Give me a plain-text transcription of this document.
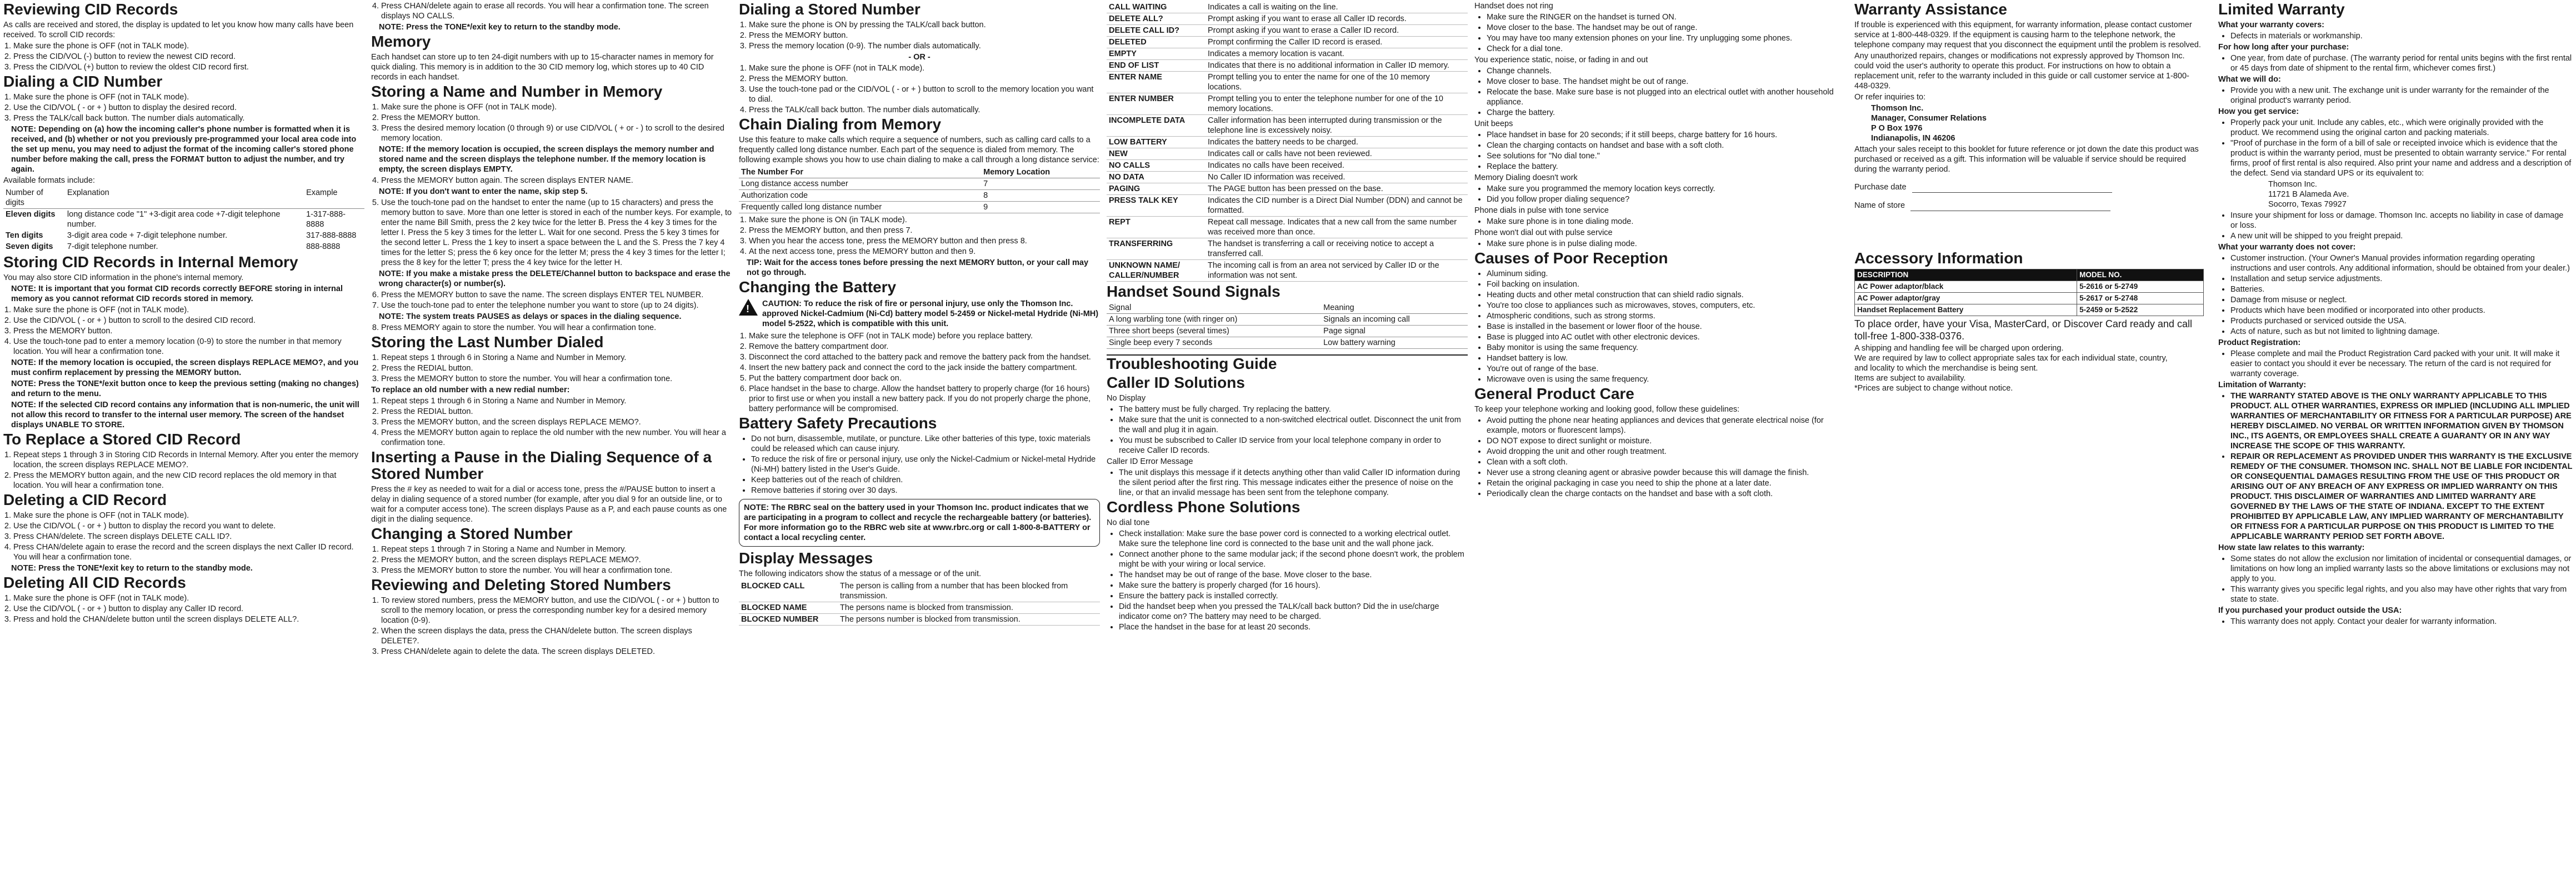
Reviewing CID Records

As calls are received and stored, the display is updated to let you know how many calls have been received. To scroll CID records:

1. Make sure the phone is OFF (not in TALK mode).
2. Press the CID/VOL (-) button to review the newest CID record.
3. Press the CID/VOL (+) button to review the oldest CID record first.
Dialing a CID Number
1. Make sure the phone is OFF (not in TALK mode).
2. Use the CID/VOL ( - or + ) button to display the desired record.
3. Press the TALK/call back button. The number dials automatically.

NOTE: Depending on (a) how the incoming caller's phone number is formatted when it is received, and (b) whether or not you previously pre-programmed your local area code into the set up menu, you may need to adjust the format of the incoming caller's stored phone number before making the call, press the FORMAT button to adjust the number, and try again.

Available formats include:

Number of digits	Explanation	Example
Eleven digits	long distance code "1" +3-digit area code +7-digit telephone number.	1-317-888-8888
Ten digits	3-digit area code + 7-digit telephone number.	317-888-8888
Seven digits	7-digit telephone number.	888-8888
Storing CID Records in Internal Memory

You may also store CID information in the phone's internal memory.

NOTE: It is important that you format CID records correctly BEFORE storing in internal memory as you cannot reformat CID records stored in memory.

1. Make sure the phone is OFF (not in TALK mode).
2. Use the CID/VOL ( - or + ) button to scroll to the desired CID record.
3. Press the MEMORY button.
4. Use the touch-tone pad to enter a memory location (0-9) to store the number in that memory location. You will hear a confirmation tone.

NOTE: If the memory location is occupied, the screen displays REPLACE MEMO?, and you must confirm replacement by pressing the MEMORY button.

NOTE: Press the TONE*/exit button once to keep the previous setting (making no changes) and return to the menu.

NOTE: If the selected CID record contains any information that is non-numeric, the unit will not allow this record to transfer to the internal user memory. The screen of the handset displays UNABLE TO STORE.

To Replace a Stored CID Record
1. Repeat steps 1 through 3 in Storing CID Records in Internal Memory. After you enter the memory location, the screen displays REPLACE MEMO?.
2. Press the MEMORY button again, and the new CID record replaces the old memory in that location. You will hear a confirmation tone.
Deleting a CID Record
1. Make sure the phone is OFF (not in TALK mode).
2. Use the CID/VOL ( - or + ) button to display the record you want to delete.
3. Press CHAN/delete. The screen displays DELETE CALL ID?.
4. Press CHAN/delete again to erase the record and the screen displays the next Caller ID record. You will hear a confirmation tone.

NOTE: Press the TONE*/exit key to return to the standby mode.

Deleting All CID Records
1. Make sure the phone is OFF (not in TALK mode).
2. Use the CID/VOL ( - or + ) button to display any Caller ID record.
3. Press and hold the CHAN/delete button until the screen displays DELETE ALL?.
4. Press CHAN/delete again to erase all records. You will hear a confirmation tone. The screen displays NO CALLS.

NOTE: Press the TONE*/exit key to return to the standby mode.

Memory

Each handset can store up to ten 24-digit numbers with up to 15-character names in memory for quick dialing. This memory is in addition to the 30 CID memory log, which stores up to 40 CID records in each handset.

Storing a Name and Number in Memory
1. Make sure the phone is OFF (not in TALK mode).
2. Press the MEMORY button.
3. Press the desired memory location (0 through 9) or use CID/VOL ( + or - ) to scroll to the desired memory location.

NOTE: If the memory location is occupied, the screen displays the memory number and stored name and the screen displays the telephone number. If the memory location is empty, the screen displays EMPTY.

4. Press the MEMORY button again. The screen displays ENTER NAME.

NOTE: If you don't want to enter the name, skip step 5.

5. Use the touch-tone pad on the handset to enter the name (up to 15 characters) and press the memory button to save. More than one letter is stored in each of the number keys. For example, to enter the name Bill Smith, press the 2 key twice for the letter B. Press the 4 key 3 times for the letter I. Press the 5 key 3 times for the letter L. Wait for one second. Press the 5 key 3 times for the second letter L. Press the 1 key to insert a space between the L and the S. Press the 7 key 4 times for the letter S; press the 6 key once for the letter M; press the 4 key 3 times for the letter I; press the 8 key for the letter T; press the 4 key twice for the letter H.

NOTE: If you make a mistake press the DELETE/Channel button to backspace and erase the wrong character(s) or number(s).

6. Press the MEMORY button to save the name. The screen displays ENTER TEL NUMBER.
7. Use the touch-tone pad to enter the telephone number you want to store (up to 24 digits).

NOTE: The system treats PAUSES as delays or spaces in the dialing sequence.

8. Press MEMORY again to store the number. You will hear a confirmation tone.
Storing the Last Number Dialed
1. Repeat steps 1 through 6 in Storing a Name and Number in Memory.
2. Press the REDIAL button.
3. Press the MEMORY button to store the number. You will hear a confirmation tone.

To replace an old number with a new redial number:

1. Repeat steps 1 through 6 in Storing a Name and Number in Memory.
2. Press the REDIAL button.
3. Press the MEMORY button, and the screen displays REPLACE MEMO?.
4. Press the MEMORY button again to replace the old number with the new number. You will hear a confirmation tone.
Inserting a Pause in the Dialing Sequence of a Stored Number

Press the # key as needed to wait for a dial or access tone, press the #/PAUSE button to insert a delay in dialing sequence of a stored number (for example, after you dial 9 for an outside line, or to wait for a computer access tone). The screen displays Pause as a P, and each pause counts as one digit in the dialing sequence.

Changing a Stored Number
1. Repeat steps 1 through 7 in Storing a Name and Number in Memory.
2. Press the MEMORY button, and the screen displays REPLACE MEMO?.
3. Press the MEMORY button to store the number. You will hear a confirmation tone.
Reviewing and Deleting Stored Numbers
1. To review stored numbers, press the MEMORY button, and use the CID/VOL ( - or + ) button to scroll to the memory location, or press the corresponding number key for a desired memory location (0-9).
2. When the screen displays the data, press the CHAN/delete button. The screen displays DELETE?.
3. Press CHAN/delete again to delete the data. The screen displays DELETED.
Dialing a Stored Number
1. Make sure the phone is ON by pressing the TALK/call back button.
2. Press the MEMORY button.
3. Press the memory location (0-9). The number dials automatically.

- OR -

1. Make sure the phone is OFF (not in TALK mode).
2. Press the MEMORY button.
3. Use the touch-tone pad or the CID/VOL ( - or + ) button to scroll to the memory location you want to dial.
4. Press the TALK/call back button. The number dials automatically.
Chain Dialing from Memory

Use this feature to make calls which require a sequence of numbers, such as calling card calls to a frequently called long distance number. Each part of the sequence is dialed from memory. The following example shows you how to use chain dialing to make a call through a long distance service:

The Number For	Memory Location
Long distance access number	7
Authorization code	8
Frequently called long distance number	9
1. Make sure the phone is ON (in TALK mode).
2. Press the MEMORY button, and then press 7.
3. When you hear the access tone, press the MEMORY button and then press 8.
4. At the next access tone, press the MEMORY button and then 9.

TIP: Wait for the access tones before pressing the next MEMORY button, or your call may not go through.

Changing the Battery
! CAUTION: To reduce the risk of fire or personal injury, use only the Thomson Inc. approved Nickel-Cadmium (Ni-Cd) battery model 5-2459 or Nickel-metal Hydride (Ni-MH) model 5-2522, which is compatible with this unit.

1. Make sure the telephone is OFF (not in TALK mode) before you replace battery.
2. Remove the battery compartment door.
3. Disconnect the cord attached to the battery pack and remove the battery pack from the handset.
4. Insert the new battery pack and connect the cord to the jack inside the battery compartment.
5. Put the battery compartment door back on.
6. Place handset in the base to charge. Allow the handset battery to properly charge (for 16 hours) prior to first use or when you install a new battery pack. If you do not properly charge the phone, battery performance will be compromised.
Battery Safety Precautions
• Do not burn, disassemble, mutilate, or puncture. Like other batteries of this type, toxic materials could be released which can cause injury.
• To reduce the risk of fire or personal injury, use only the Nickel-Cadmium or Nickel-metal Hydride (Ni-MH) battery listed in the User's Guide.
• Keep batteries out of the reach of children.
• Remove batteries if storing over 30 days.
NOTE: The RBRC seal on the battery used in your Thomson Inc. product indicates that we are participating in a program to collect and recycle the rechargeable battery (or batteries). For more information go to the RBRC web site at www.rbrc.org or call 1-800-8-BATTERY or contact a local recycling center.
Display Messages

The following indicators show the status of a message or of the unit.

BLOCKED CALL	The person is calling from a number that has been blocked from transmission.
BLOCKED NAME	The persons name is blocked from transmission.
BLOCKED NUMBER	The persons number is blocked from transmission.
CALL WAITING	Indicates a call is waiting on the line.
DELETE ALL?	Prompt asking if you want to erase all Caller ID records.
DELETE CALL ID?	Prompt asking if you want to erase a Caller ID record.
DELETED	Prompt confirming the Caller ID record is erased.
EMPTY	Indicates a memory location is vacant.
END OF LIST	Indicates that there is no additional information in Caller ID memory.
ENTER NAME	Prompt telling you to enter the name for one of the 10 memory locations.
ENTER NUMBER	Prompt telling you to enter the telephone number for one of the 10 memory locations.
INCOMPLETE DATA	Caller information has been interrupted during transmission or the telephone line is excessively noisy.
LOW BATTERY	Indicates the battery needs to be charged.
NEW	Indicates call or calls have not been reviewed.
NO CALLS	Indicates no calls have been received.
NO DATA	No Caller ID information was received.
PAGING	The PAGE button has been pressed on the base.
PRESS TALK KEY	Indicates the CID number is a Direct Dial Number (DDN) and cannot be formatted.
REPT	Repeat call message. Indicates that a new call from the same number was received more than once.
TRANSFERRING	The handset is transferring a call or receiving notice to accept a transferred call.
UNKNOWN NAME/ CALLER/NUMBER	The incoming call is from an area not serviced by Caller ID or the information was not sent.
Handset Sound Signals
Signal	Meaning
A long warbling tone (with ringer on)	Signals an incoming call
Three short beeps (several times)	Page signal
Single beep every 7 seconds	Low battery warning
Troubleshooting Guide
Caller ID Solutions

No Display

• The battery must be fully charged. Try replacing the battery.
• Make sure that the unit is connected to a non-switched electrical outlet. Disconnect the unit from the wall and plug it in again.
• You must be subscribed to Caller ID service from your local telephone company in order to receive Caller ID records.

Caller ID Error Message

• The unit displays this message if it detects anything other than valid Caller ID information during the silent period after the first ring. This message indicates either the presence of noise on the line, or that an invalid message has been sent from the telephone company.
Cordless Phone Solutions

No dial tone

• Check installation: Make sure the base power cord is connected to a working electrical outlet. Make sure the telephone line cord is connected to the base unit and the wall phone jack.
• Connect another phone to the same modular jack; if the second phone doesn't work, the problem might be with your wiring or local service.
• The handset may be out of range of the base. Move closer to the base.
• Make sure the battery is properly charged (for 16 hours).
• Ensure the battery pack is installed correctly.
• Did the handset beep when you pressed the TALK/call back button? Did the in use/charge indicator come on? The battery may need to be charged.
• Place the handset in the base for at least 20 seconds.

Handset does not ring

• Make sure the RINGER on the handset is turned ON.
• Move closer to the base. The handset may be out of range.
• You may have too many extension phones on your line. Try unplugging some phones.
• Check for a dial tone.

You experience static, noise, or fading in and out

• Change channels.
• Move closer to base. The handset might be out of range.
• Relocate the base. Make sure base is not plugged into an electrical outlet with another household appliance.
• Charge the battery.

Unit beeps

• Place handset in base for 20 seconds; if it still beeps, charge battery for 16 hours.
• Clean the charging contacts on handset and base with a soft cloth.
• See solutions for "No dial tone."
• Replace the battery.

Memory Dialing doesn't work

• Make sure you programmed the memory location keys correctly.
• Did you follow proper dialing sequence?

Phone dials in pulse with tone service

• Make sure phone is in tone dialing mode.

Phone won't dial out with pulse service

• Make sure phone is in pulse dialing mode.
Causes of Poor Reception
• Aluminum siding.
• Foil backing on insulation.
• Heating ducts and other metal construction that can shield radio signals.
• You're too close to appliances such as microwaves, stoves, computers, etc.
• Atmospheric conditions, such as strong storms.
• Base is installed in the basement or lower floor of the house.
• Base is plugged into AC outlet with other electronic devices.
• Baby monitor is using the same frequency.
• Handset battery is low.
• You're out of range of the base.
• Microwave oven is using the same frequency.
General Product Care

To keep your telephone working and looking good, follow these guidelines:

• Avoid putting the phone near heating appliances and devices that generate electrical noise (for example, motors or fluorescent lamps).
• DO NOT expose to direct sunlight or moisture.
• Avoid dropping the unit and other rough treatment.
• Clean with a soft cloth.
• Never use a strong cleaning agent or abrasive powder because this will damage the finish.
• Retain the original packaging in case you need to ship the phone at a later date.
• Periodically clean the charge contacts on the handset and base with a soft cloth.
Warranty Assistance

If trouble is experienced with this equipment, for warranty information, please contact customer service at 1-800-448-0329. If the equipment is causing harm to the telephone network, the telephone company may request that you disconnect the equipment until the problem is resolved.

Any unauthorized repairs, changes or modifications not expressly approved by Thomson Inc. could void the user's authority to operate this product. For instructions on how to obtain a replacement unit, refer to the warranty included in this guide or call customer service at 1-800-448-0329.

Or refer inquiries to:

Thomson Inc.
Manager, Consumer Relations
P O Box 1976
Indianapolis, IN 46206

Attach your sales receipt to this booklet for future reference or jot down the date this product was purchased or received as a gift. This information will be valuable if service should be required during the warranty period.

Purchase date

Name of store

Accessory Information
DESCRIPTION	MODEL NO.
AC Power adaptor/black	5-2616 or 5-2749
AC Power adaptor/gray	5-2617 or 5-2748
Handset Replacement Battery	5-2459 or 5-2522

To place order, have your Visa, MasterCard, or Discover Card ready and call toll-free 1-800-338-0376.

A shipping and handling fee will be charged upon ordering.
We are required by law to collect appropriate sales tax for each individual state, country,
and locality to which the merchandise is being sent.
Items are subject to availability.
*Prices are subject to change without notice.
Limited Warranty

What your warranty covers:

• Defects in materials or workmanship.

For how long after your purchase:

• One year, from date of purchase. (The warranty period for rental units begins with the first rental or 45 days from date of shipment to the rental firm, whichever comes first.)

What we will do:

• Provide you with a new unit. The exchange unit is under warranty for the remainder of the original product's warranty period.

How you get service:

• Properly pack your unit. Include any cables, etc., which were originally provided with the product. We recommend using the original carton and packing materials.
• "Proof of purchase in the form of a bill of sale or receipted invoice which is evidence that the product is within the warranty period, must be presented to obtain warranty service." For rental firms, proof of first rental is also required. Also print your name and address and a description of the defect. Send via standard UPS or its equivalent to:
Thomson Inc.
11721 B Alameda Ave.
Socorro, Texas 79927
• Insure your shipment for loss or damage. Thomson Inc. accepts no liability in case of damage or loss.
• A new unit will be shipped to you freight prepaid.

What your warranty does not cover:

• Customer instruction. (Your Owner's Manual provides information regarding operating instructions and user controls. Any additional information, should be obtained from your dealer.)
• Installation and setup service adjustments.
• Batteries.
• Damage from misuse or neglect.
• Products which have been modified or incorporated into other products.
• Products purchased or serviced outside the USA.
• Acts of nature, such as but not limited to lightning damage.

Product Registration:

• Please complete and mail the Product Registration Card packed with your unit. It will make it easier to contact you should it ever be necessary. The return of the card is not required for warranty coverage.

Limitation of Warranty:

• THE WARRANTY STATED ABOVE IS THE ONLY WARRANTY APPLICABLE TO THIS PRODUCT. ALL OTHER WARRANTIES, EXPRESS OR IMPLIED (INCLUDING ALL IMPLIED WARRANTIES OF MERCHANTABILITY OR FITNESS FOR A PARTICULAR PURPOSE) ARE HEREBY DISCLAIMED. NO VERBAL OR WRITTEN INFORMATION GIVEN BY THOMSON INC., ITS AGENTS, OR EMPLOYEES SHALL CREATE A GUARANTY OR IN ANY WAY INCREASE THE SCOPE OF THIS WARRANTY.
• REPAIR OR REPLACEMENT AS PROVIDED UNDER THIS WARRANTY IS THE EXCLUSIVE REMEDY OF THE CONSUMER. THOMSON INC. SHALL NOT BE LIABLE FOR INCIDENTAL OR CONSEQUENTIAL DAMAGES RESULTING FROM THE USE OF THIS PRODUCT OR ARISING OUT OF ANY BREACH OF ANY EXPRESS OR IMPLIED WARRANTY ON THIS PRODUCT. THIS DISCLAIMER OF WARRANTIES AND LIMITED WARRANTY ARE GOVERNED BY THE LAWS OF THE STATE OF INDIANA. EXCEPT TO THE EXTENT PROHIBITED BY APPLICABLE LAW, ANY IMPLIED WARRANTY OF MERCHANTABILITY OR FITNESS FOR A PARTICULAR PURPOSE ON THIS PRODUCT IS LIMITED TO THE APPLICABLE WARRANTY PERIOD SET FORTH ABOVE.

How state law relates to this warranty:

• Some states do not allow the exclusion nor limitation of incidental or consequential damages, or limitations on how long an implied warranty lasts so the above limitations or exclusions may not apply to you.
• This warranty gives you specific legal rights, and you also may have other rights that vary from state to state.

If you purchased your product outside the USA:

• This warranty does not apply. Contact your dealer for warranty information.
